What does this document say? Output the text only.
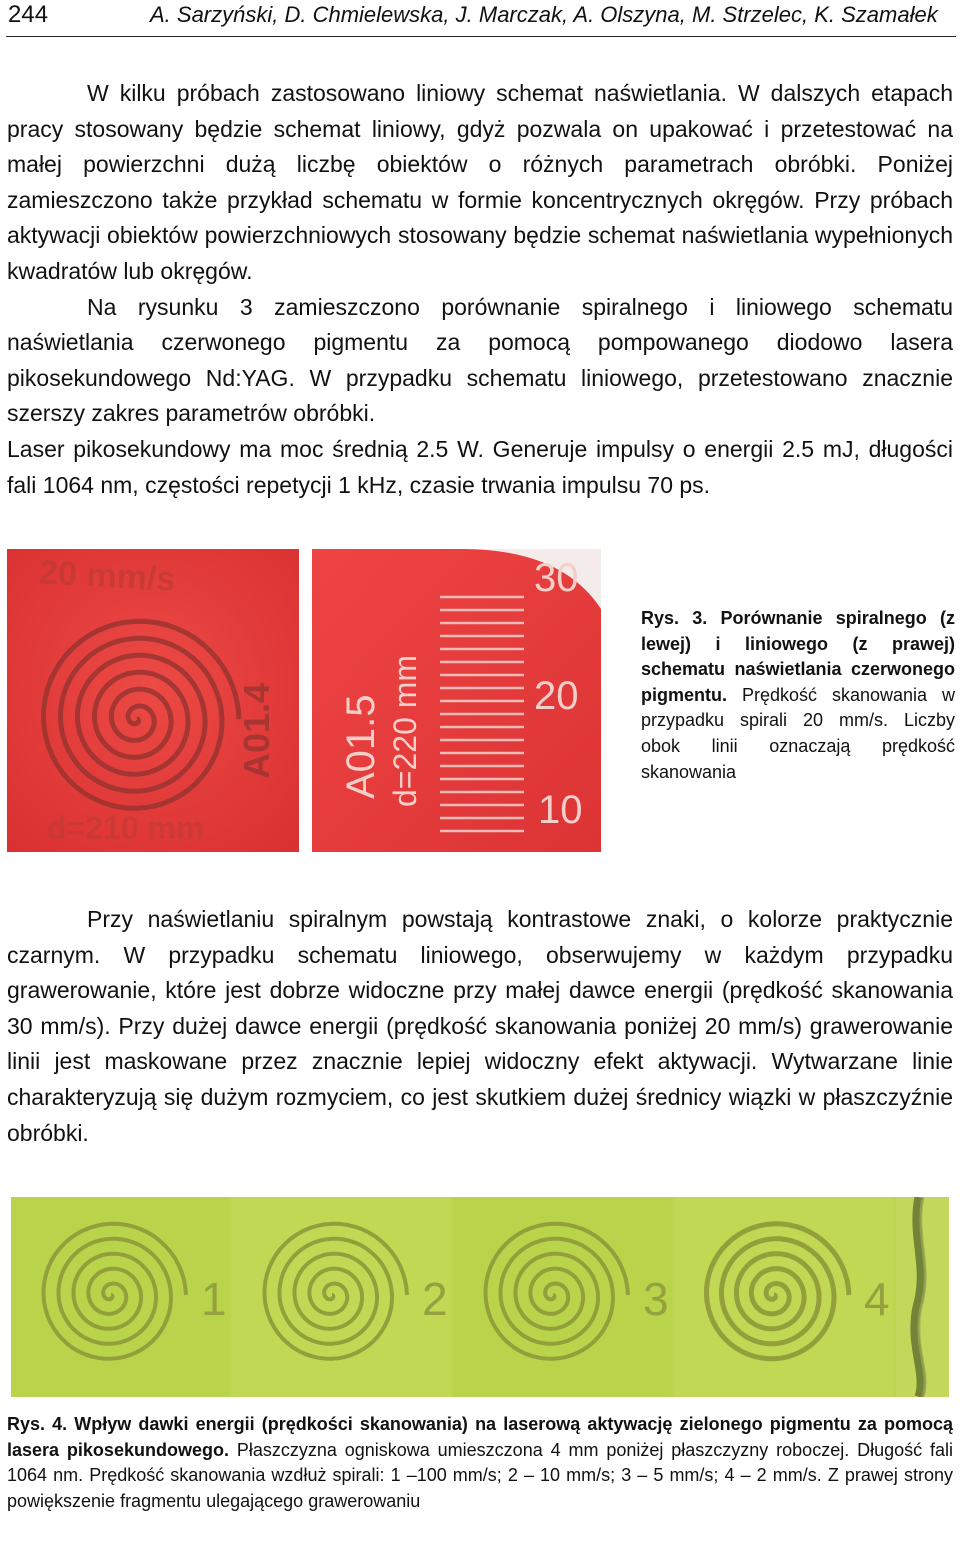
244	A. Sarzyński, D. Chmielewska, J. Marczak, A. Olszyna, M. Strzelec, K. Szamałek

W kilku próbach zastosowano liniowy schemat naświetlania. W dalszych etapach pracy stosowany będzie schemat liniowy, gdyż pozwala on upakować i przetestować na małej powierzchni dużą liczbę obiektów o różnych parametrach obróbki. Poniżej zamieszczono także przykład schematu w formie koncentrycznych okręgów. Przy próbach aktywacji obiektów powierzchniowych stosowany będzie schemat naświetlania wypełnionych kwadratów lub okręgów.

Na rysunku 3 zamieszczono porównanie spiralnego i liniowego schematu naświetlania czerwonego pigmentu za pomocą pompowanego diodowo lasera pikosekundowego Nd:YAG. W przypadku schematu liniowego, przetestowano znacznie szerszy zakres parametrów obróbki.

Laser pikosekundowy ma moc średnią 2.5 W. Generuje impulsy o energii 2.5 mJ, długości fali 1064 nm, częstości repetycji 1 kHz, czasie trwania impulsu 70 ps.

20 mm/s
A01.4
d=210 mm
A01.5 d=220 mm
30
20
10

Rys. 3. Porównanie spiralnego (z lewej) i liniowego (z prawej) schematu naświetlania czerwonego pigmentu. Prędkość skanowania w przypadku spirali 20 mm/s. Liczby obok linii oznaczają prędkość skanowania

Przy naświetlaniu spiralnym powstają kontrastowe znaki, o kolorze praktycznie czarnym. W przypadku schematu liniowego, obserwujemy w każdym przypadku grawerowanie, które jest dobrze widoczne przy małej dawce energii (prędkość skanowania 30 mm/s). Przy dużej dawce energii (prędkość skanowania poniżej 20 mm/s) grawerowanie linii jest maskowane przez znacznie lepiej widoczny efekt aktywacji. Wytwarzane linie charakteryzują się dużym rozmyciem, co jest skutkiem dużej średnicy wiązki w płaszczyźnie obróbki.

1	2	3	4

Rys. 4. Wpływ dawki energii (prędkości skanowania) na laserową aktywację zielonego pigmentu za pomocą lasera pikosekundowego. Płaszczyzna ogniskowa umieszczona 4 mm poniżej płaszczyzny roboczej. Długość fali 1064 nm. Prędkość skanowania wzdłuż spirali: 1 –100 mm/s; 2 – 10 mm/s; 3 – 5 mm/s; 4 – 2 mm/s. Z prawej strony powiększenie fragmentu ulegającego grawerowaniu
